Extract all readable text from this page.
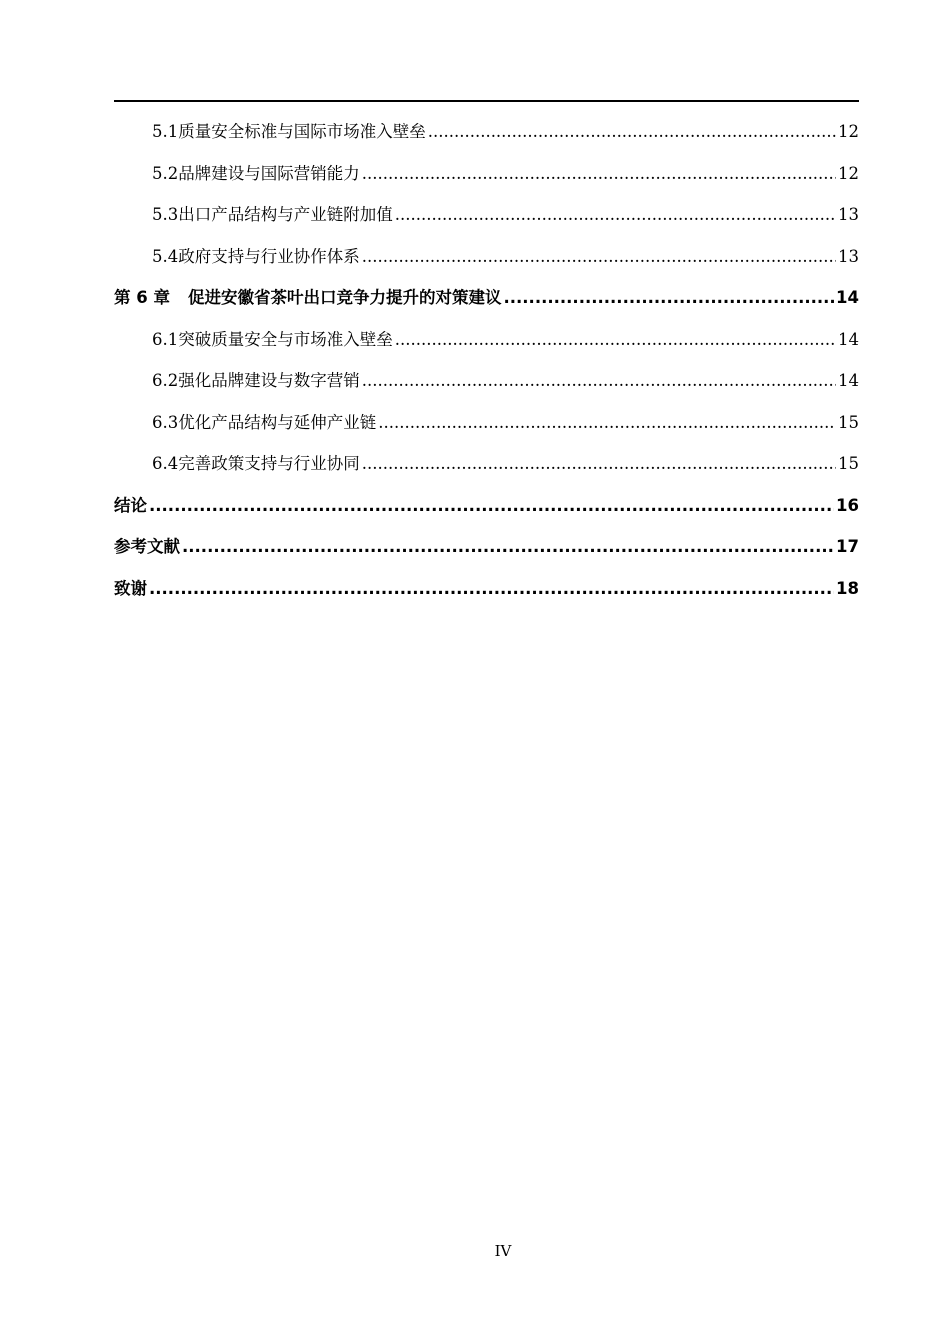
5.1 质量安全标准与国际市场准入壁垒 .....	12
5.2 品牌建设与国际营销能力 .....	12
5.3 出口产品结构与产业链附加值 .....	13
5.4 政府支持与行业协作体系 .....	13
第 6 章 促进安徽省茶叶出口竞争力提升的对策建议 .....	14
6.1 突破质量安全与市场准入壁垒 .....	14
6.2 强化品牌建设与数字营销 .....	14
6.3 优化产品结构与延伸产业链 .....	15
6.4 完善政策支持与行业协同 .....	15
结论 .....	16
参考文献 .....	17
致谢 .....	18
IV
